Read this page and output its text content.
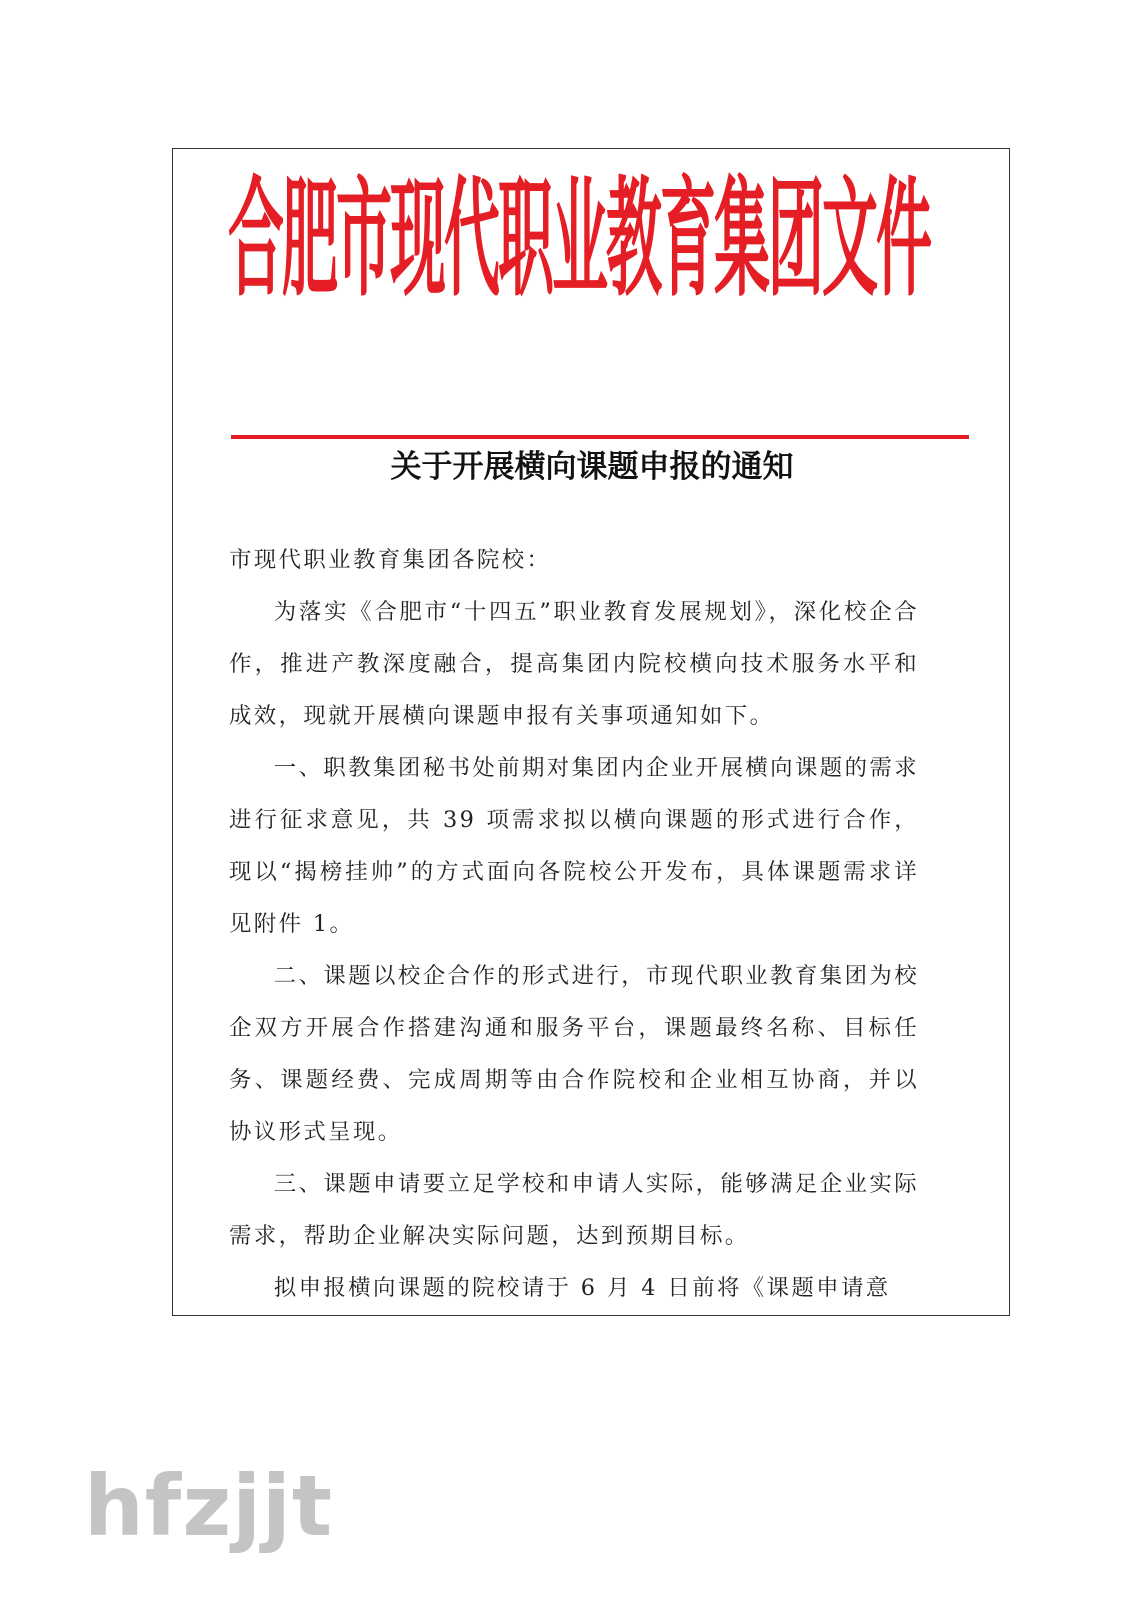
合肥市现代职业教育集团文件
关于开展横向课题申报的通知

市现代职业教育集团各院校：

为落实《合肥市“十四五”职业教育发展规划》，深化校企合作，推进产教深度融合，提高集团内院校横向技术服务水平和成效，现就开展横向课题申报有关事项通知如下。

一、职教集团秘书处前期对集团内企业开展横向课题的需求进行征求意见，共 39 项需求拟以横向课题的形式进行合作，现以“揭榜挂帅”的方式面向各院校公开发布，具体课题需求详见附件 1。

二、课题以校企合作的形式进行，市现代职业教育集团为校企双方开展合作搭建沟通和服务平台，课题最终名称、目标任务、课题经费、完成周期等由合作院校和企业相互协商，并以协议形式呈现。

三、课题申请要立足学校和申请人实际，能够满足企业实际需求，帮助企业解决实际问题，达到预期目标。

拟申报横向课题的院校请于 6 月 4 日前将《课题申请意

hfzjjt
